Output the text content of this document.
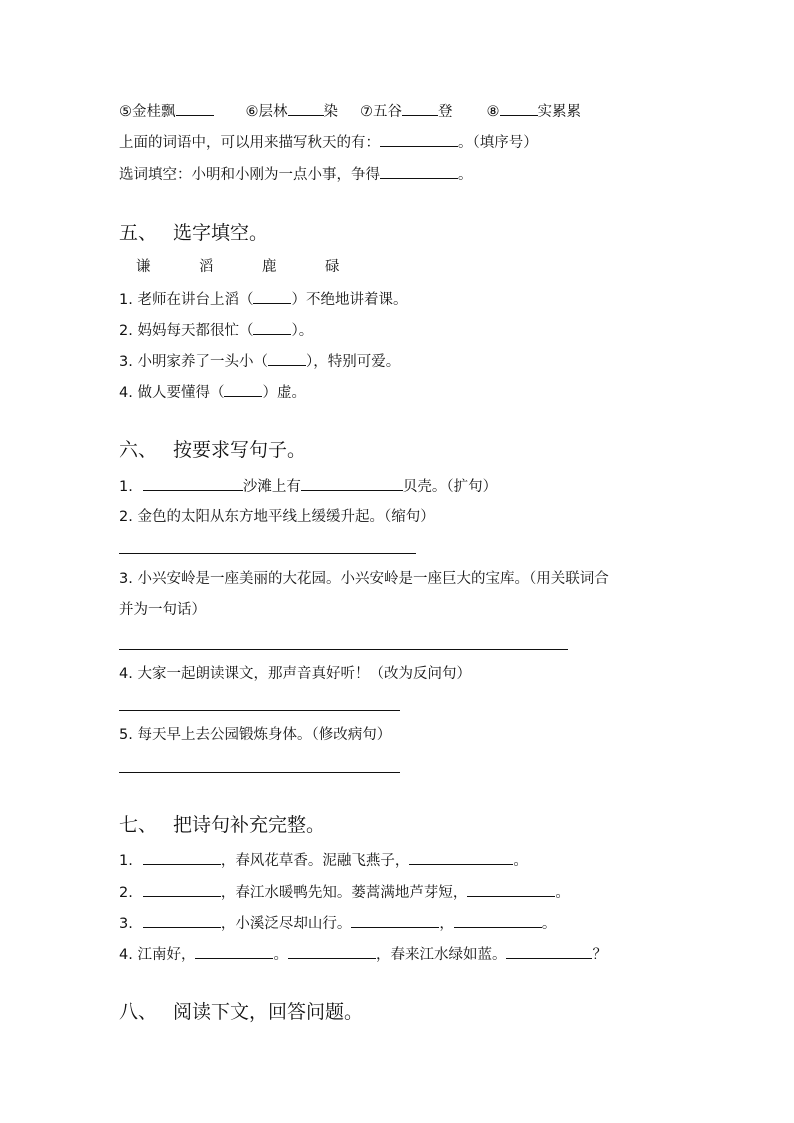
⑤金桂飘	⑥层林 染 ⑦五谷 登 ⑧	实累累
上面的词语中，可以用来描写秋天的有：	。（填序号）
选词填空：小明和小刚为一点小事，争得	。
五、 选字填空。
谦	滔	鹿	碌
1. 老师在讲台上滔（	）不绝地讲着课。
2. 妈妈每天都很忙（	）。
3. 小明家养了一头小（	），特别可爱。
4. 做人要懂得（	）虚。
六、 按要求写句子。
1.	沙滩上有	贝壳。（扩句）
2. 金色的太阳从东方地平线上缓缓升起。（缩句）
3. 小兴安岭是一座美丽的大花园。小兴安岭是一座巨大的宝库。（用关联词合
并为一句话）
4. 大家一起朗读课文，那声音真好听！（改为反问句）
5. 每天早上去公园锻炼身体。（修改病句）
七、 把诗句补充完整。
1.	，春风花草香。泥融飞燕子，	。
2.	，春江水暖鸭先知。蒌蒿满地芦芽短，	。
3.	，小溪泛尽却山行。	，	。
4. 江南好，	。	，春来江水绿如蓝。	？
八、 阅读下文，回答问题。
